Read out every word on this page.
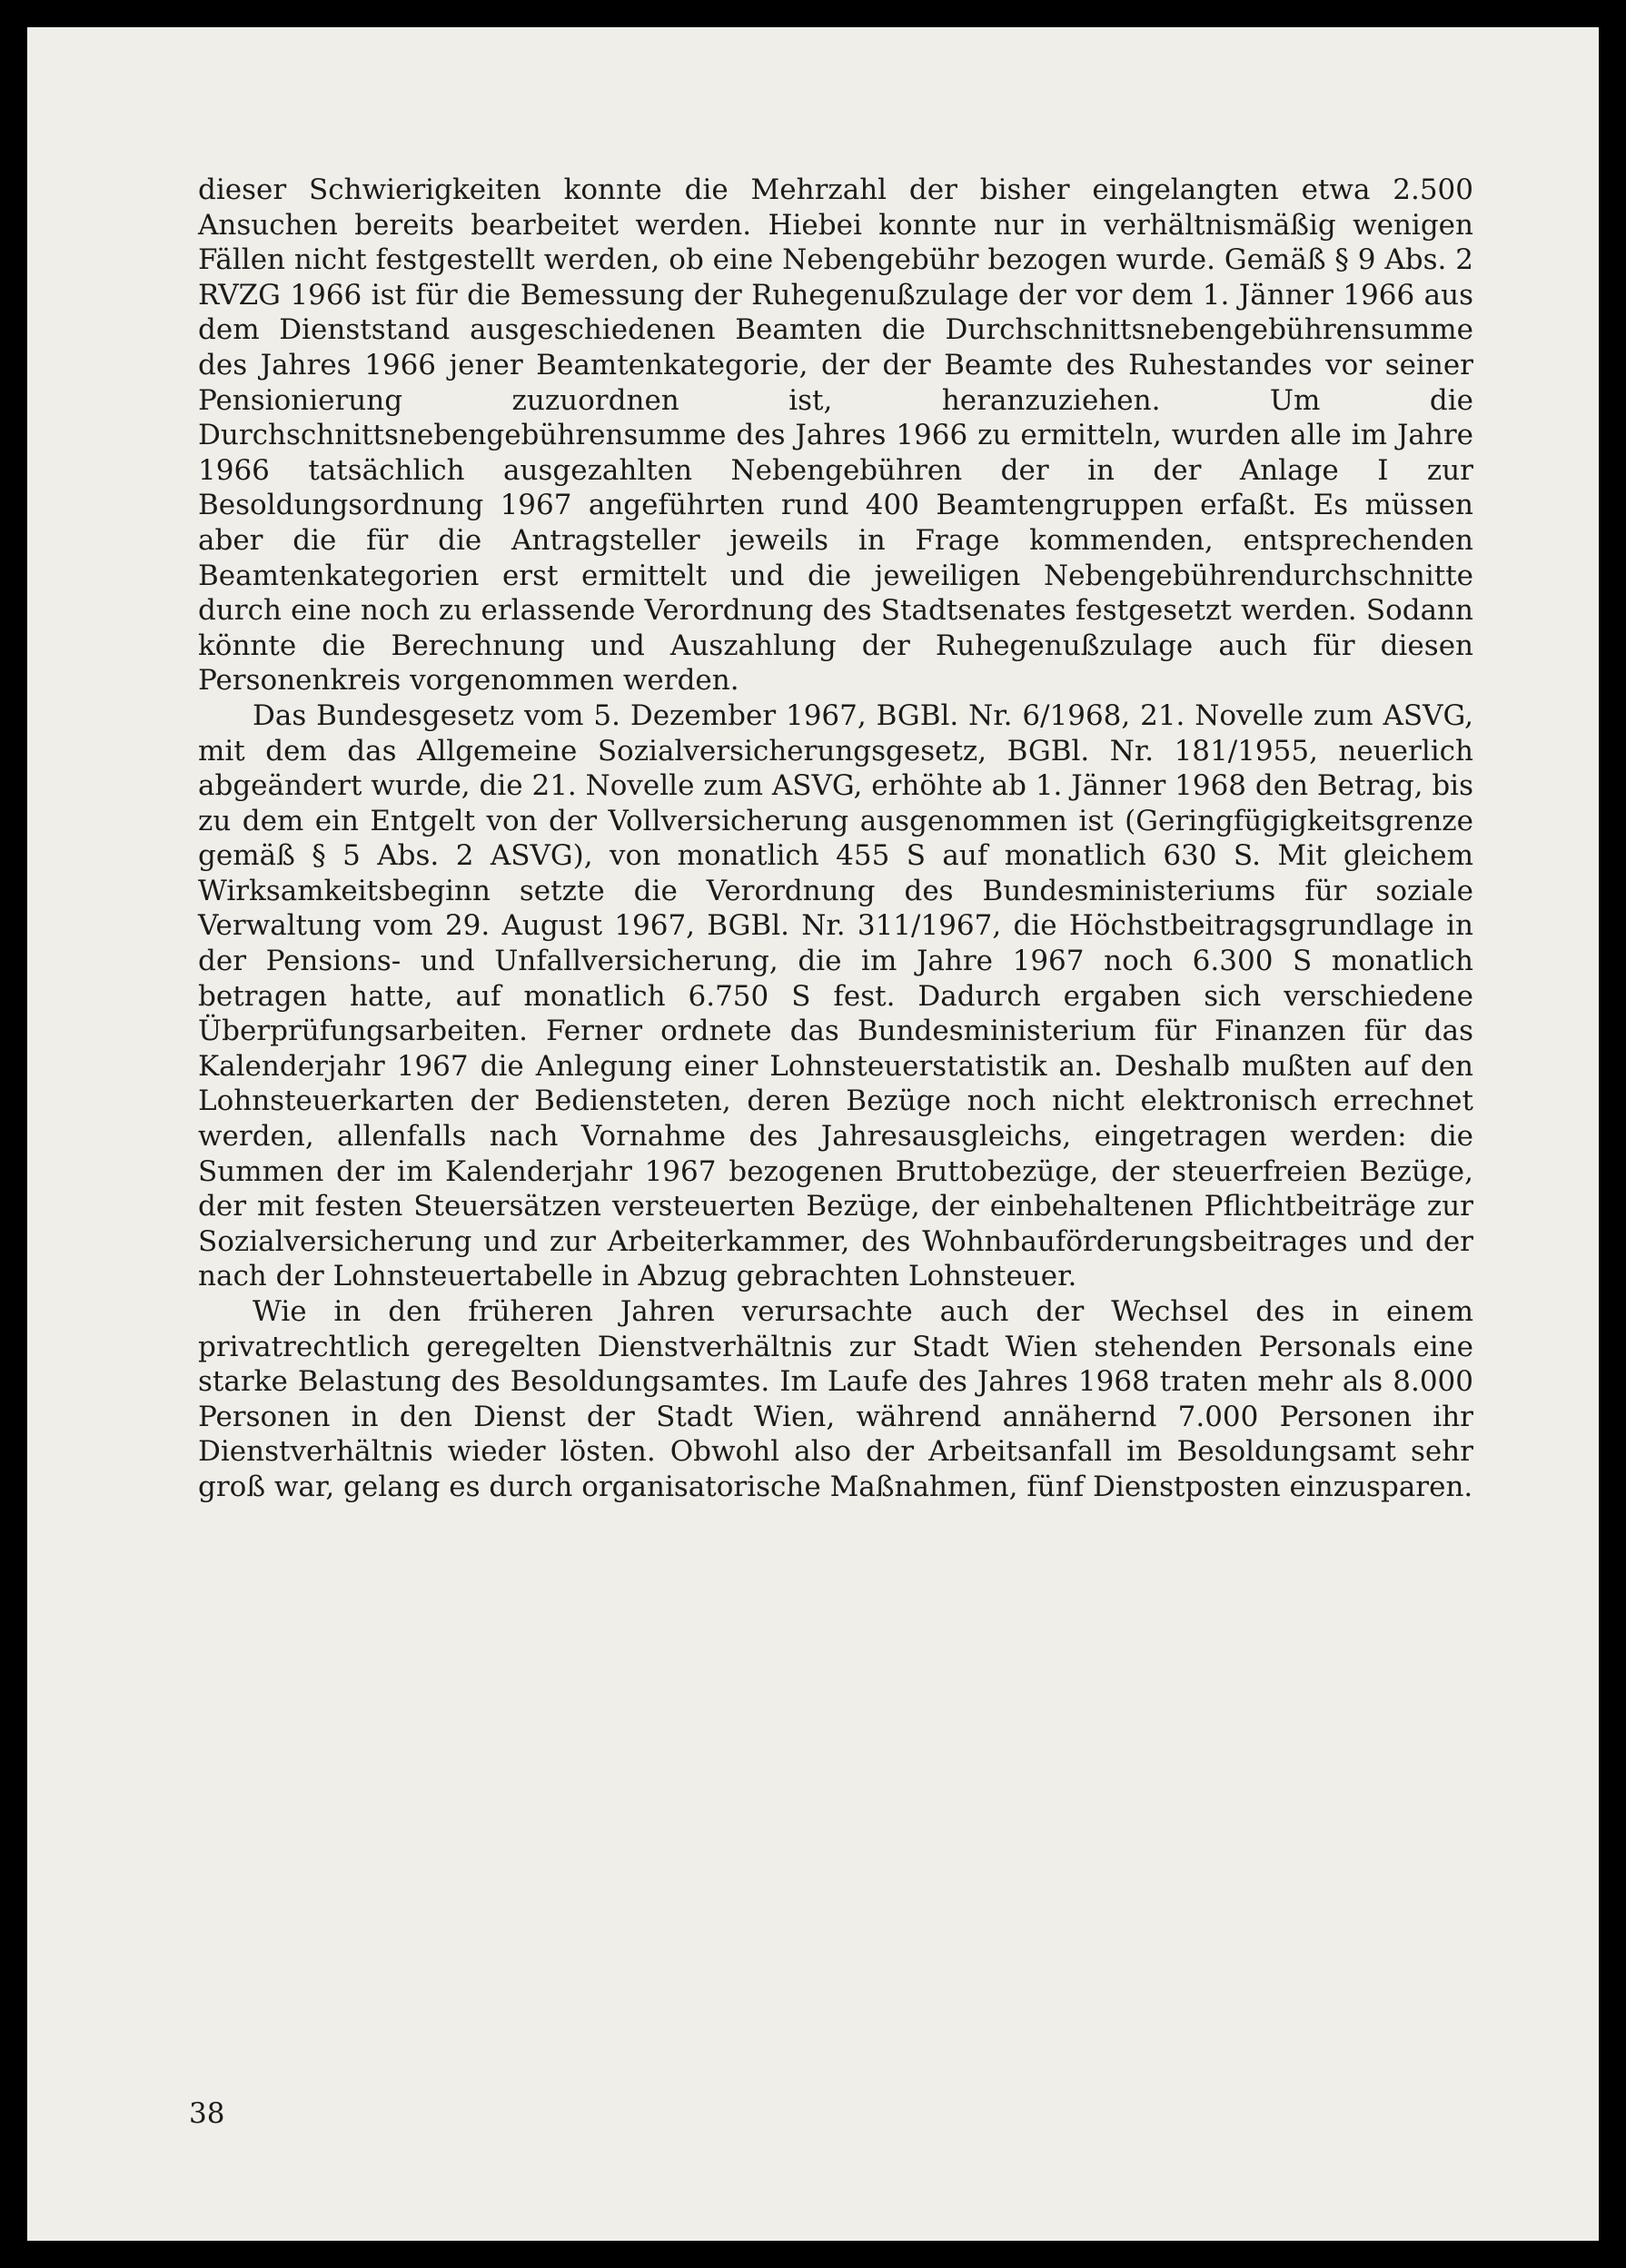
dieser Schwierigkeiten konnte die Mehrzahl der bisher eingelangten etwa 2.500 Ansuchen bereits bearbeitet werden. Hiebei konnte nur in verhältnismäßig wenigen Fällen nicht festgestellt werden, ob eine Nebengebühr bezogen wurde. Gemäß § 9 Abs. 2 RVZG 1966 ist für die Bemessung der Ruhegenußzulage der vor dem 1. Jänner 1966 aus dem Dienststand ausgeschiedenen Beamten die Durchschnittsnebengebührensumme des Jahres 1966 jener Beamtenkategorie, der der Beamte des Ruhestandes vor seiner Pensionierung zuzuordnen ist, heranzuziehen. Um die Durchschnittsnebengebührensumme des Jahres 1966 zu ermitteln, wurden alle im Jahre 1966 tatsächlich ausgezahlten Nebengebühren der in der Anlage I zur Besoldungsordnung 1967 angeführten rund 400 Beamtengruppen erfaßt. Es müssen aber die für die Antragsteller jeweils in Frage kommenden, entsprechenden Beamtenkategorien erst ermittelt und die jeweiligen Nebengebührendurchschnitte durch eine noch zu erlassende Verordnung des Stadtsenates festgesetzt werden. Sodann könnte die Berechnung und Auszahlung der Ruhegenußzulage auch für diesen Personenkreis vorgenommen werden.

Das Bundesgesetz vom 5. Dezember 1967, BGBl. Nr. 6/1968, 21. Novelle zum ASVG, mit dem das Allgemeine Sozialversicherungsgesetz, BGBl. Nr. 181/1955, neuerlich abgeändert wurde, die 21. Novelle zum ASVG, erhöhte ab 1. Jänner 1968 den Betrag, bis zu dem ein Entgelt von der Vollversicherung ausgenommen ist (Geringfügigkeitsgrenze gemäß § 5 Abs. 2 ASVG), von monatlich 455 S auf monatlich 630 S. Mit gleichem Wirksamkeitsbeginn setzte die Verordnung des Bundesministeriums für soziale Verwaltung vom 29. August 1967, BGBl. Nr. 311/1967, die Höchstbeitragsgrundlage in der Pensions- und Unfallversicherung, die im Jahre 1967 noch 6.300 S monatlich betragen hatte, auf monatlich 6.750 S fest. Dadurch ergaben sich verschiedene Überprüfungsarbeiten. Ferner ordnete das Bundesministerium für Finanzen für das Kalenderjahr 1967 die Anlegung einer Lohnsteuerstatistik an. Deshalb mußten auf den Lohnsteuerkarten der Bediensteten, deren Bezüge noch nicht elektronisch errechnet werden, allenfalls nach Vornahme des Jahresausgleichs, eingetragen werden: die Summen der im Kalenderjahr 1967 bezogenen Bruttobezüge, der steuerfreien Bezüge, der mit festen Steuersätzen versteuerten Bezüge, der einbehaltenen Pflichtbeiträge zur Sozialversicherung und zur Arbeiterkammer, des Wohnbauförderungsbeitrages und der nach der Lohnsteuertabelle in Abzug gebrachten Lohnsteuer.

Wie in den früheren Jahren verursachte auch der Wechsel des in einem privatrechtlich geregelten Dienstverhältnis zur Stadt Wien stehenden Personals eine starke Belastung des Besoldungsamtes. Im Laufe des Jahres 1968 traten mehr als 8.000 Personen in den Dienst der Stadt Wien, während annähernd 7.000 Personen ihr Dienstverhältnis wieder lösten. Obwohl also der Arbeitsanfall im Besoldungsamt sehr groß war, gelang es durch organisatorische Maßnahmen, fünf Dienstposten einzusparen.

38
